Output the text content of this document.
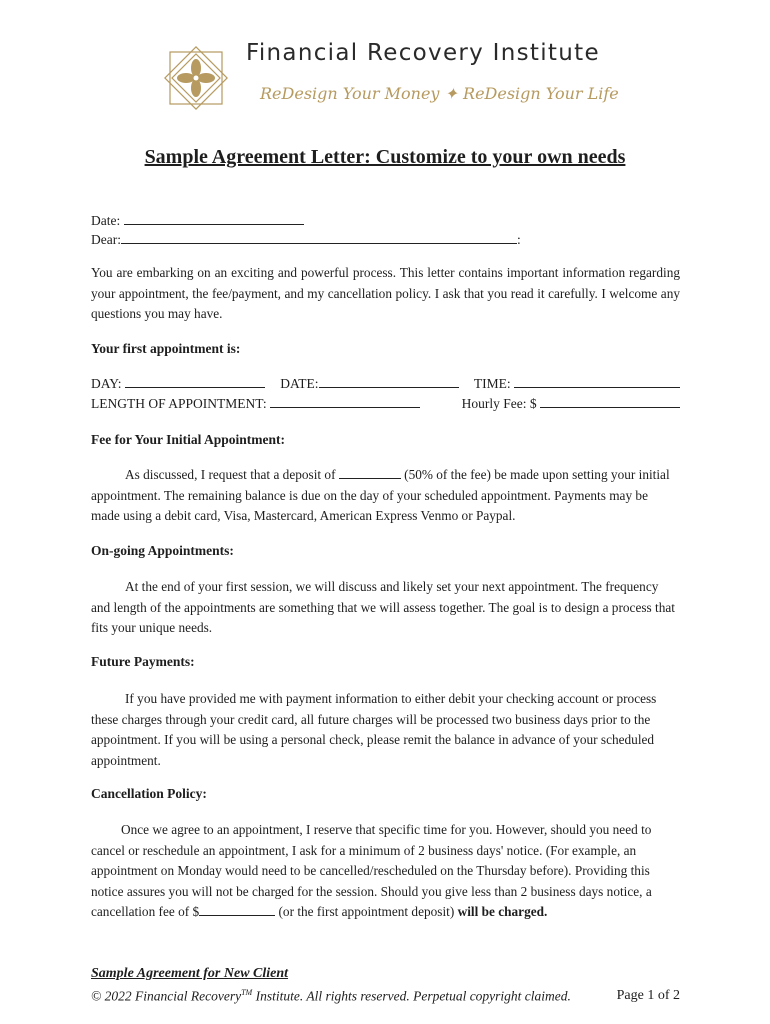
Financial Recovery Institute
ReDesign Your Money ✦ ReDesign Your Life
Sample Agreement Letter: Customize to your own needs
Date:
Dear:	:
You are embarking on an exciting and powerful process. This letter contains important information regarding your appointment, the fee/payment, and my cancellation policy. I ask that you read it carefully. I welcome any questions you may have.
Your first appointment is:
DAY:	DATE:	TIME:
LENGTH OF APPOINTMENT:	Hourly Fee: $
Fee for Your Initial Appointment:
As discussed, I request that a deposit of	(50% of the fee) be made upon setting your initial appointment. The remaining balance is due on the day of your scheduled appointment. Payments may be made using a debit card, Visa, Mastercard, American Express Venmo or Paypal.
On-going Appointments:
At the end of your first session, we will discuss and likely set your next appointment. The frequency and length of the appointments are something that we will assess together. The goal is to design a process that fits your unique needs.
Future Payments:
If you have provided me with payment information to either debit your checking account or process these charges through your credit card, all future charges will be processed two business days prior to the appointment. If you will be using a personal check, please remit the balance in advance of your scheduled appointment.
Cancellation Policy:
Once we agree to an appointment, I reserve that specific time for you. However, should you need to cancel or reschedule an appointment, I ask for a minimum of 2 business days' notice. (For example, an appointment on Monday would need to be cancelled/rescheduled on the Thursday before). Providing this notice assures you will not be charged for the session. Should you give less than 2 business days notice, a cancellation fee of $	(or the first appointment deposit) will be charged.
Sample Agreement for New Client
© 2022 Financial Recovery™ Institute. All rights reserved. Perpetual copyright claimed.	Page 1 of 2
